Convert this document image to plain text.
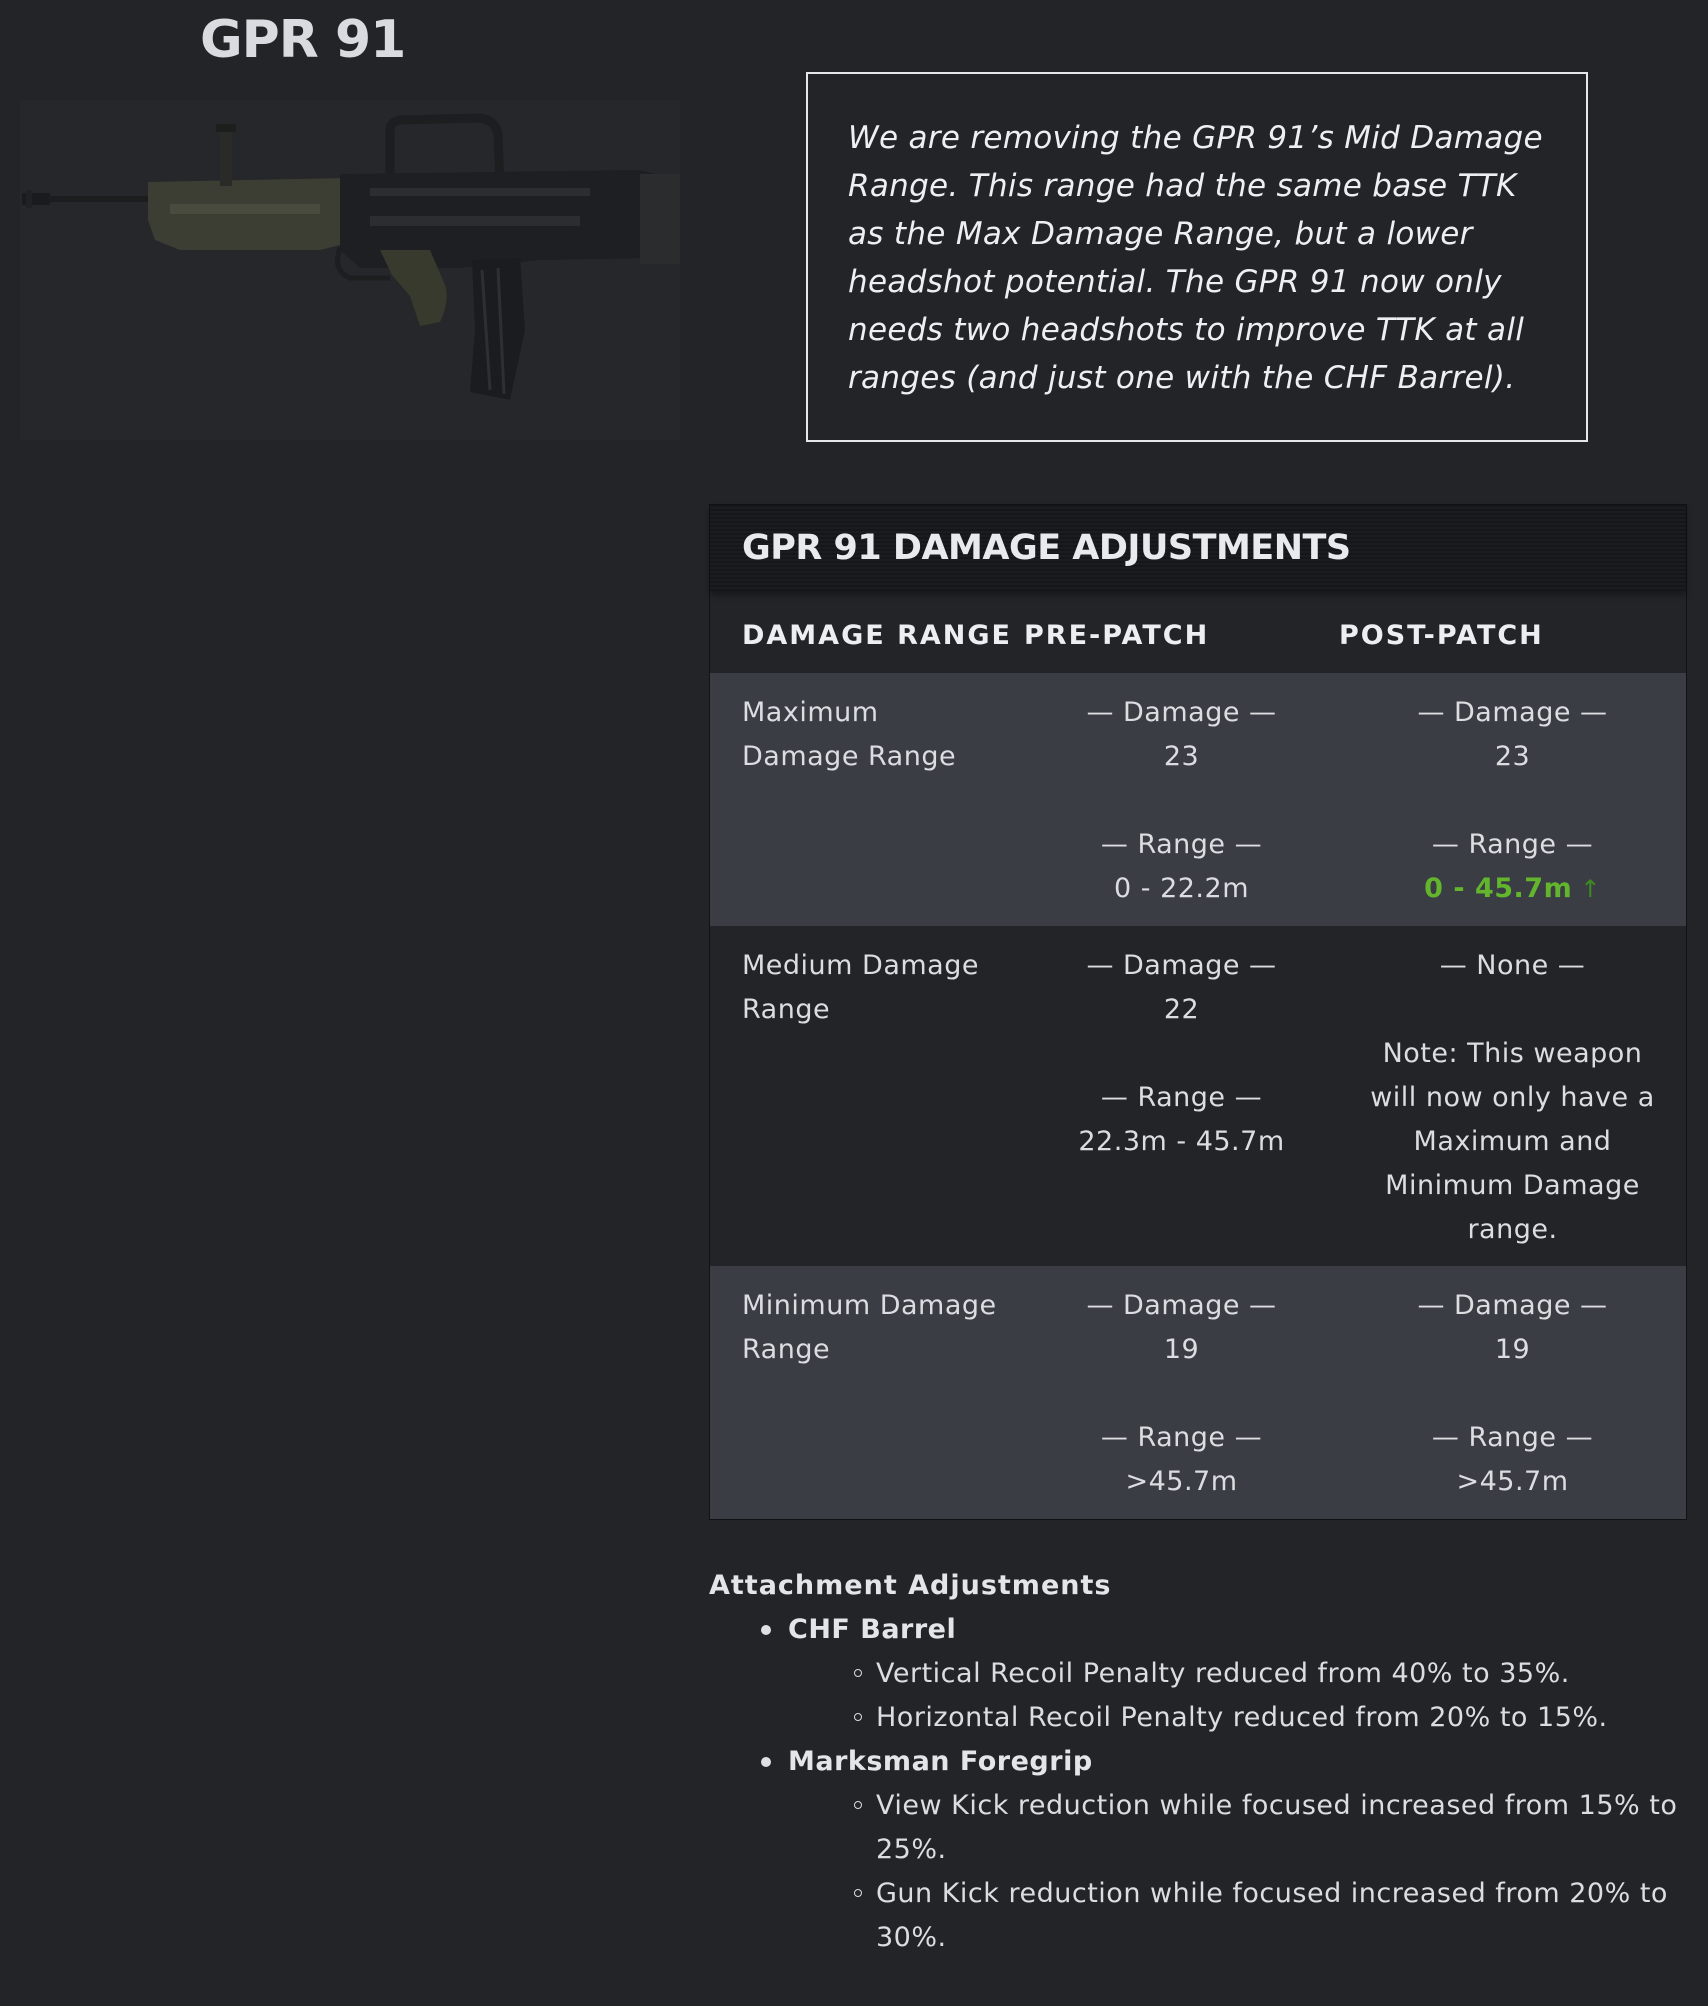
GPR 91

We are removing the GPR 91’s Mid Damage Range. This range had the same base TTK as the Max Damage Range, but a lower headshot potential. The GPR 91 now only needs two headshots to improve TTK at all ranges (and just one with the CHF Barrel).

GPR 91 DAMAGE ADJUSTMENTS
DAMAGE RANGE PRE-PATCH	POST-PATCH
Maximum Damage Range
— Damage —
23
— Range —
0 - 22.2m
— Damage —
23
— Range —
0 - 45.7m ↑
Medium Damage Range
— Damage —
22
— Range —
22.3m - 45.7m
— None —
Note: This weapon will now only have a Maximum and Minimum Damage range.
Minimum Damage Range
— Damage —
19
— Range —
>45.7m
— Damage —
19
— Range —
>45.7m
Attachment Adjustments
CHF Barrel
Vertical Recoil Penalty reduced from 40% to 35%.
Horizontal Recoil Penalty reduced from 20% to 15%.
Marksman Foregrip
View Kick reduction while focused increased from 15% to 25%.
Gun Kick reduction while focused increased from 20% to 30%.
